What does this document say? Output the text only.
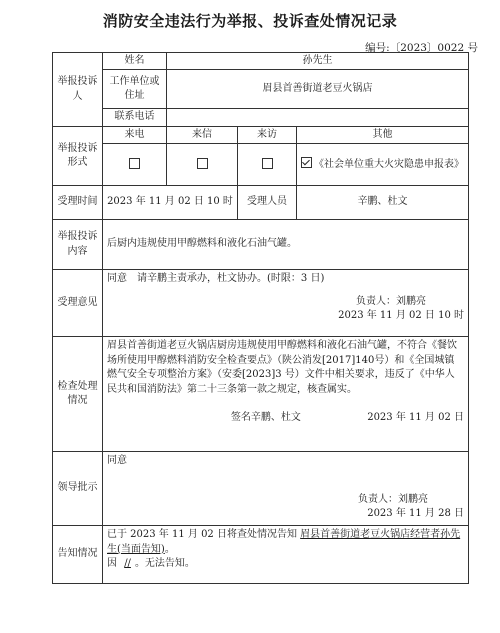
消防安全违法行为举报、投诉查处情况记录
编号:〔2023〕0022 号
举报投诉人	姓名	孙先生		
	工作单位或住址	眉县首善街道老豆火锅店		
	联系电话			
举报投诉形式	来电	来信	来访	其他
				《社会单位重大火灾隐患申报表》
受理时间	2023 年 11 月 02 日 10 时		受理人员	辛鹏、杜文
举报投诉内容	后厨内违规使用甲醇燃料和液化石油气罐。			
受理意见	同意　请辛鹏主责承办，杜文协办。(时限：3 日)
负责人：刘鹏亮
2023 年 11 月 02 日 10 时			

检查处理情况	眉县首善街道老豆火锅店厨房违规使用甲醇燃料和液化石油气罐，不符合《餐饮场所使用甲醇燃料消防安全检查要点》（陕公消发[2017]140号）和《全国城镇燃气安全专项整治方案》（安委[2023]3 号）文件中相关要求，违反了《中华人民共和国消防法》第二十三条第一款之规定，核查属实。
签名辛鹏、杜文 2023 年 11 月 02 日			

领导批示	同意
负责人：刘鹏亮
2023 年 11 月 28 日			

告知情况	已于 2023 年 11 月 02 日将查处情况告知 眉县首善街道老豆火锅店经营者孙先生(当面告知)。
因 // 。无法告知。			
